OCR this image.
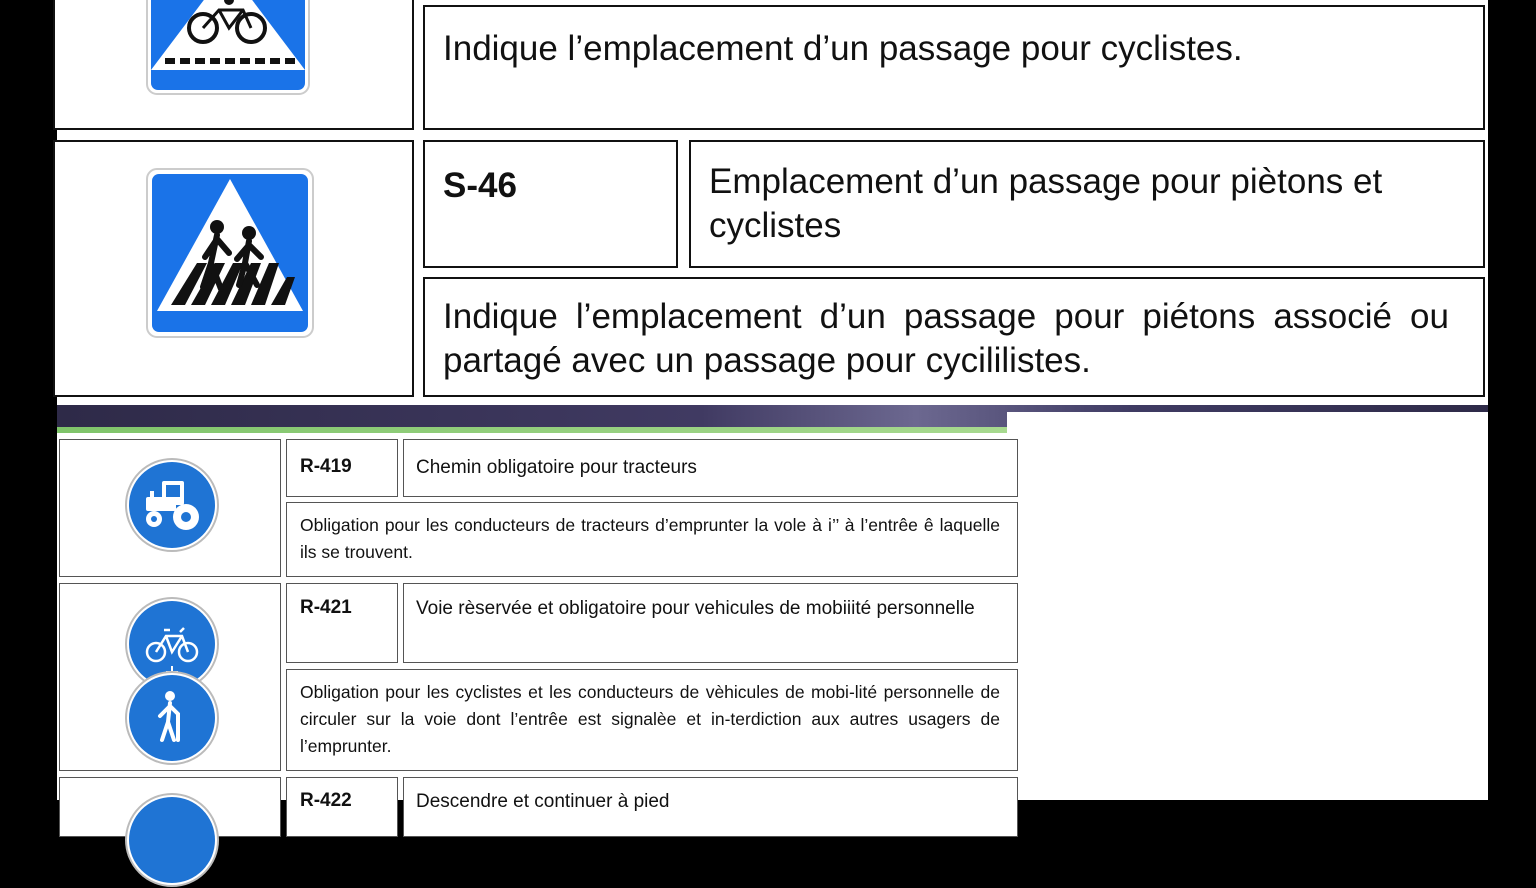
Indique l’emplacement d’un passage pour cyclistes.
S-46	Emplacement d’un passage pour piètons et cyclistes
Indique l’emplacement d’un passage pour piétons associé ou partagé avec un passage pour cycililistes.
R-419	Chemin obligatoire pour tracteurs
Obligation pour les conducteurs de tracteurs d’emprunter la vole à i’’ à l’entrêe ê laquelle ils se trouvent.
R-421	Voie rèservée et obligatoire pour vehicules de mobiiité personnelle
Obligation pour les cyclistes et les conducteurs de vèhicules de mobi-lité personnelle de circuler sur la voie dont l’entrêe est signalèe et in-terdiction aux autres usagers de l’emprunter.
R-422	Descendre et continuer à pied
